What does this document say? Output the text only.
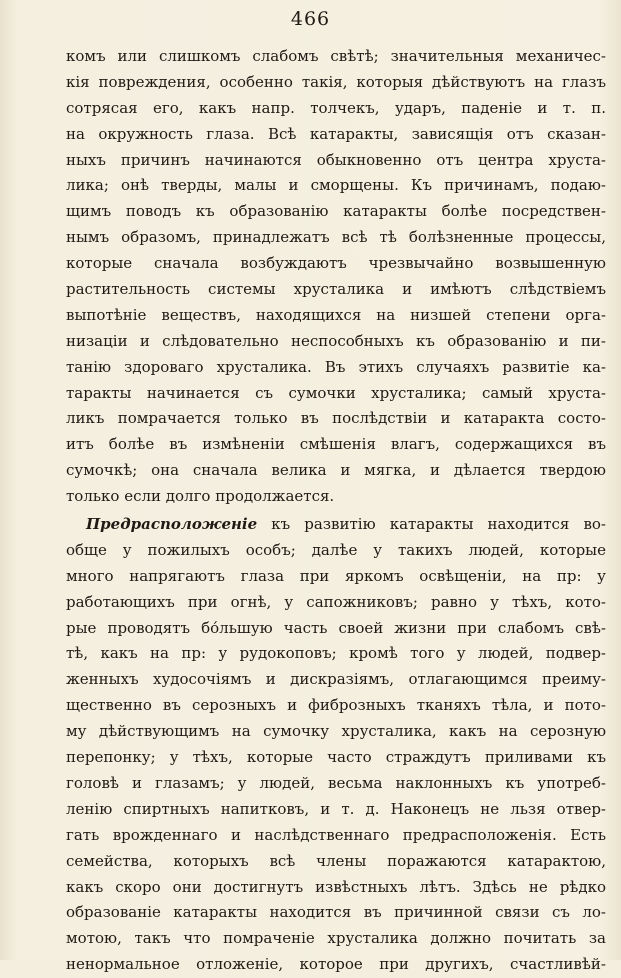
466
комъ или слишкомъ слабомъ свѣтѣ; значительныя механичес-
кія повреждения, особенно такія, которыя дѣйствуютъ на глазъ
сотрясая его, какъ напр. толчекъ, ударъ, паденіе и т. п.
на окружность глаза. Всѣ катаракты, зависящія отъ сказан-
ныхъ причинъ начинаются обыкновенно отъ центра хруста-
лика; онѣ тверды, малы и сморщены. Къ причинамъ, подаю-
щимъ поводъ къ образованію катаракты болѣе посредствен-
нымъ образомъ, принадлежатъ всѣ тѣ болѣзненные процессы,
которые сначала возбуждаютъ чрезвычайно возвышенную
растительность системы хрусталика и имѣютъ слѣдствіемъ
выпотѣніе веществъ, находящихся на низшей степени орга-
низаціи и слѣдовательно неспособныхъ къ образованію и пи-
танію здороваго хрусталика. Въ этихъ случаяхъ развитіе ка-
таракты начинается съ сумочки хрусталика; самый хруста-
ликъ помрачается только въ послѣдствіи и катаракта состо-
итъ болѣе въ измѣненіи смѣшенія влагъ, содержащихся въ
сумочкѣ; она сначала велика и мягка, и дѣлается твердою
только если долго продолжается.
Предрасположеніе къ развитію катаракты находится во-
обще у пожилыхъ особъ; далѣе у такихъ людей, которые
много напрягаютъ глаза при яркомъ освѣщеніи, на пр: у
работающихъ при огнѣ, у сапожниковъ; равно у тѣхъ, кото-
рые проводятъ бо́льшую часть своей жизни при слабомъ свѣ-
тѣ, какъ на пр: у рудокоповъ; кромѣ того у людей, подвер-
женныхъ худосочіямъ и дискразіямъ, отлагающимся преиму-
щественно въ серозныхъ и фиброзныхъ тканяхъ тѣла, и пото-
му дѣйствующимъ на сумочку хрусталика, какъ на серозную
перепонку; у тѣхъ, которые часто страждутъ приливами къ
головѣ и глазамъ; у людей, весьма наклонныхъ къ употреб-
ленію спиртныхъ напитковъ, и т. д. Наконецъ не льзя отвер-
гать врожденнаго и наслѣдственнаго предрасположенія. Есть
семейства, которыхъ всѣ члены поражаются катарактою,
какъ скоро они достигнутъ извѣстныхъ лѣтъ. Здѣсь не рѣдко
образованіе катаракты находится въ причинной связи съ ло-
мотою, такъ что помраченіе хрусталика должно почитать за
ненормальное отложеніе, которое при другихъ, счастливѣй-
